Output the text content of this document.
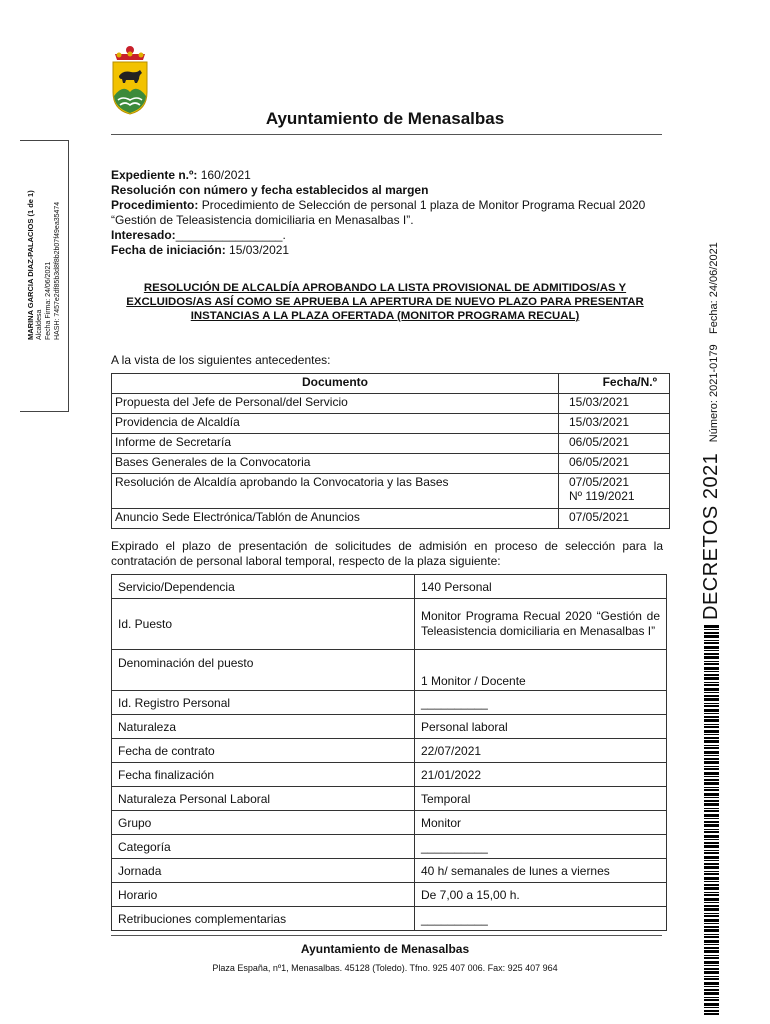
Ayuntamiento de Menasalbas
MARINA GARCIA DIAZ-PALACIOS (1 de 1) Alcaldesa Fecha Firma: 24/06/2021 HASH: 7457e2df85b3d8f8b2b07f49ea35474
Expediente n.º: 160/2021
Resolución con número y fecha establecidos al margen
Procedimiento: Procedimiento de Selección de personal 1 plaza de Monitor Programa Recual 2020 “Gestión de Teleasistencia domiciliaria en Menasalbas I”.
Interesado:________________.
Fecha de iniciación: 15/03/2021
RESOLUCIÓN DE ALCALDÍA APROBANDO LA LISTA PROVISIONAL DE ADMITIDOS/AS Y EXCLUIDOS/AS ASÍ COMO SE APRUEBA LA APERTURA DE NUEVO PLAZO PARA PRESENTAR INSTANCIAS A LA PLAZA OFERTADA (MONITOR PROGRAMA RECUAL)
A la vista de los siguientes antecedentes:
Documento	Fecha/N.º
Propuesta del Jefe de Personal/del Servicio	15/03/2021
Providencia de Alcaldía	15/03/2021
Informe de Secretaría	06/05/2021
Bases Generales de la Convocatoria	06/05/2021
Resolución de Alcaldía aprobando la Convocatoria y las Bases	07/05/2021
Nº 119/2021

Anuncio Sede Electrónica/Tablón de Anuncios	07/05/2021
Expirado el plazo de presentación de solicitudes de admisión en proceso de selección para la contratación de personal laboral temporal, respecto de la plaza siguiente:
Servicio/Dependencia	140 Personal
Id. Puesto	Monitor Programa Recual 2020 “Gestión de Teleasistencia domiciliaria en Menasalbas I”
Denominación del puesto	1 Monitor / Docente
Id. Registro Personal	__________
Naturaleza	Personal laboral
Fecha de contrato	22/07/2021
Fecha finalización	21/01/2022
Naturaleza Personal Laboral	Temporal
Grupo	Monitor
Categoría	__________
Jornada	40 h/ semanales de lunes a viernes
Horario	De 7,00 a 15,00 h.
Retribuciones complementarias	__________
Ayuntamiento de Menasalbas
Plaza España, nº1, Menasalbas. 45128 (Toledo). Tfno. 925 407 006. Fax: 925 407 964
DECRETOS 2021 Número: 2021-0179 Fecha: 24/06/2021
